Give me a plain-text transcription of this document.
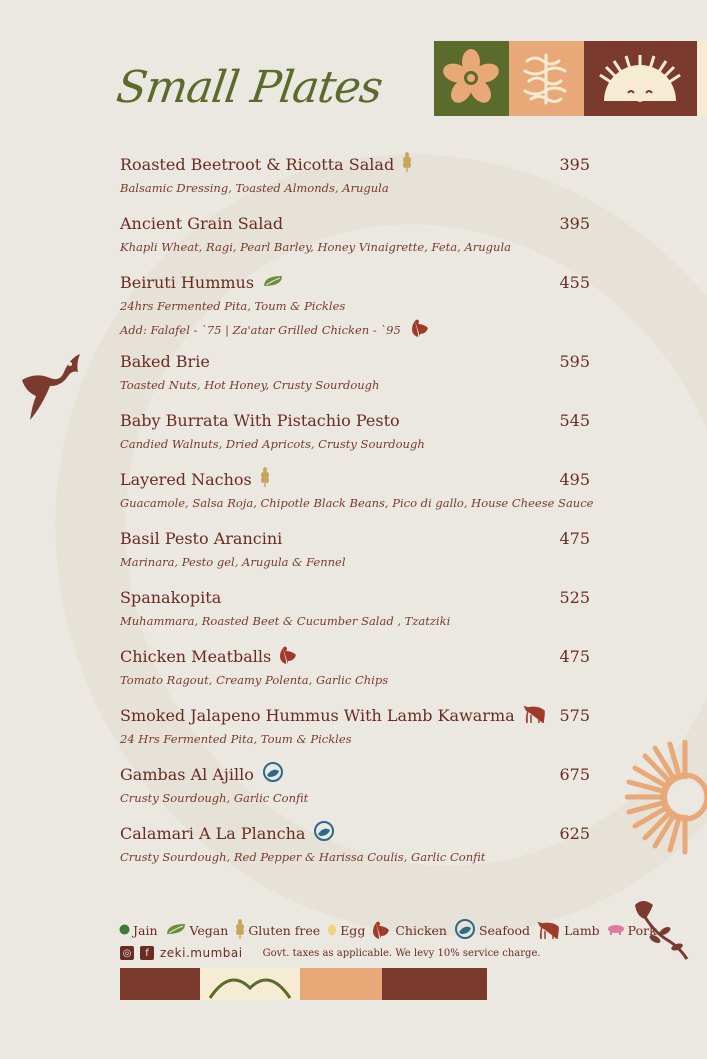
Small Plates
Roasted Beetroot & Ricotta Salad	395
Balsamic Dressing, Toasted Almonds, Arugula
Ancient Grain Salad	395
Khapli Wheat, Ragi, Pearl Barley, Honey Vinaigrette, Feta, Arugula
Beiruti Hummus	455
24hrs Fermented Pita, Toum & Pickles
Add: Falafel - `75 | Za'atar Grilled Chicken - `95
Baked Brie	595
Toasted Nuts, Hot Honey, Crusty Sourdough
Baby Burrata With Pistachio Pesto	545
Candied Walnuts, Dried Apricots, Crusty Sourdough
Layered Nachos	495
Guacamole, Salsa Roja, Chipotle Black Beans, Pico di gallo, House Cheese Sauce
Basil Pesto Arancini	475
Marinara, Pesto gel, Arugula & Fennel
Spanakopita	525
Muhammara, Roasted Beet & Cucumber Salad , Tzatziki
Chicken Meatballs	475
Tomato Ragout, Creamy Polenta, Garlic Chips
Smoked Jalapeno Hummus With Lamb Kawarma	575
24 Hrs Fermented Pita, Toum & Pickles
Gambas Al Ajillo	675
Crusty Sourdough, Garlic Confit
Calamari A La Plancha	625
Crusty Sourdough, Red Pepper & Harissa Coulis, Garlic Confit
Jain	Vegan Gluten free Egg Chicken	Seafood	Lamb Pork
◎	f zeki.mumbai Govt. taxes as applicable. We levy 10% service charge.
